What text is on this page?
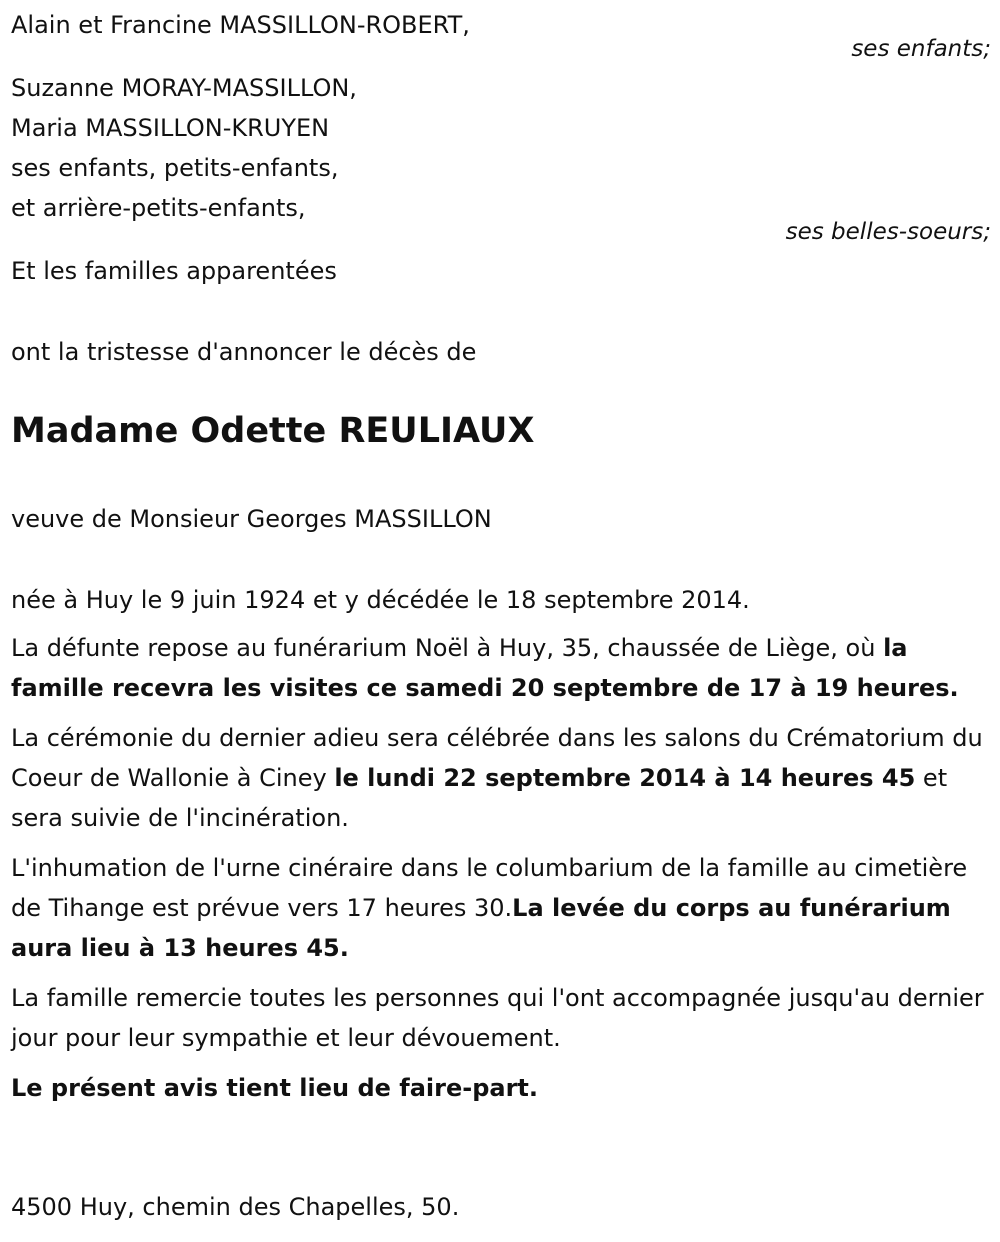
Alain et Francine MASSILLON-ROBERT,
ses enfants;
Suzanne MORAY-MASSILLON,
Maria MASSILLON-KRUYEN
ses enfants, petits-enfants,
et arrière-petits-enfants,
ses belles-soeurs;
Et les familles apparentées
ont la tristesse d'annoncer le décès de
Madame Odette REULIAUX
veuve de Monsieur Georges MASSILLON
née à Huy le 9 juin 1924 et y décédée le 18 septembre 2014.
La défunte repose au funérarium Noël à Huy, 35, chaussée de Liège, où la famille recevra les visites ce samedi 20 septembre de 17 à 19 heures.
La cérémonie du dernier adieu sera célébrée dans les salons du Crématorium du Coeur de Wallonie à Ciney le lundi 22 septembre 2014 à 14 heures 45 et sera suivie de l'incinération.
L'inhumation de l'urne cinéraire dans le columbarium de la famille au cimetière de Tihange est prévue vers 17 heures 30.La levée du corps au funérarium aura lieu à 13 heures 45.
La famille remercie toutes les personnes qui l'ont accompagnée jusqu'au dernier jour pour leur sympathie et leur dévouement.
Le présent avis tient lieu de faire-part.
4500 Huy, chemin des Chapelles, 50.
